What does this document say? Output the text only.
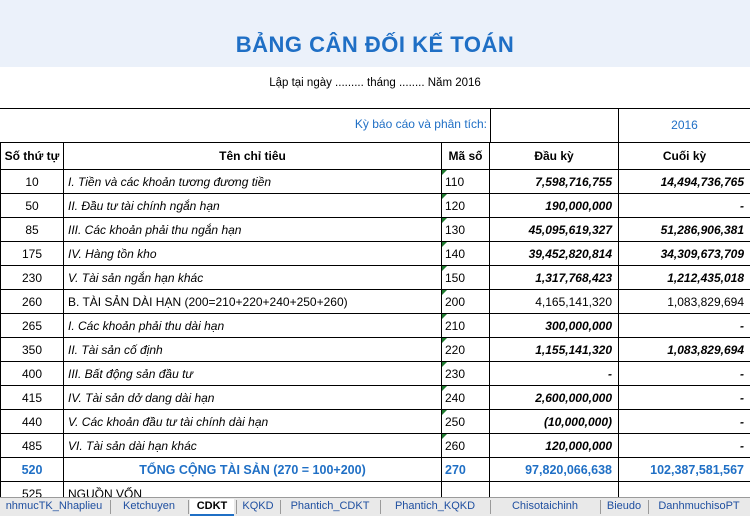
BẢNG CÂN ĐỐI KẾ TOÁN
Lập tại ngày ......... tháng ........ Năm 2016
Kỳ báo cáo và phân tích:	2016
Số thứ tự	Tên chỉ tiêu	Mã số	Đầu kỳ	Cuối kỳ
10	I. Tiền và các khoản tương đương tiền	110	7,598,716,755	14,494,736,765
50	II. Đầu tư tài chính ngắn hạn	120	190,000,000	-
85	III. Các khoản phải thu ngắn hạn	130	45,095,619,327	51,286,906,381
175	IV. Hàng tồn kho	140	39,452,820,814	34,309,673,709
230	V. Tài sản ngắn hạn khác	150	1,317,768,423	1,212,435,018
260	B. TÀI SẢN DÀI HẠN (200=210+220+240+250+260)	200	4,165,141,320	1,083,829,694
265	I. Các khoản phải thu dài hạn	210	300,000,000	-
350	II. Tài sản cố định	220	1,155,141,320	1,083,829,694
400	III. Bất động sản đầu tư	230	-	-
415	IV. Tài sản dở dang dài hạn	240	2,600,000,000	-
440	V. Các khoản đầu tư tài chính dài hạn	250	(10,000,000)	-
485	VI. Tài sản dài hạn khác	260	120,000,000	-
520	TỔNG CỘNG TÀI SẢN (270 = 100+200)	270	97,820,066,638	102,387,581,567
525	NGUỒN VỐN			
nhmucTK_Nhaplieu	Ketchuyen	CDKT	KQKD	Phantich_CDKT	Phantich_KQKD	Chisotaichinh	Bieudo	DanhmuchisoPT
